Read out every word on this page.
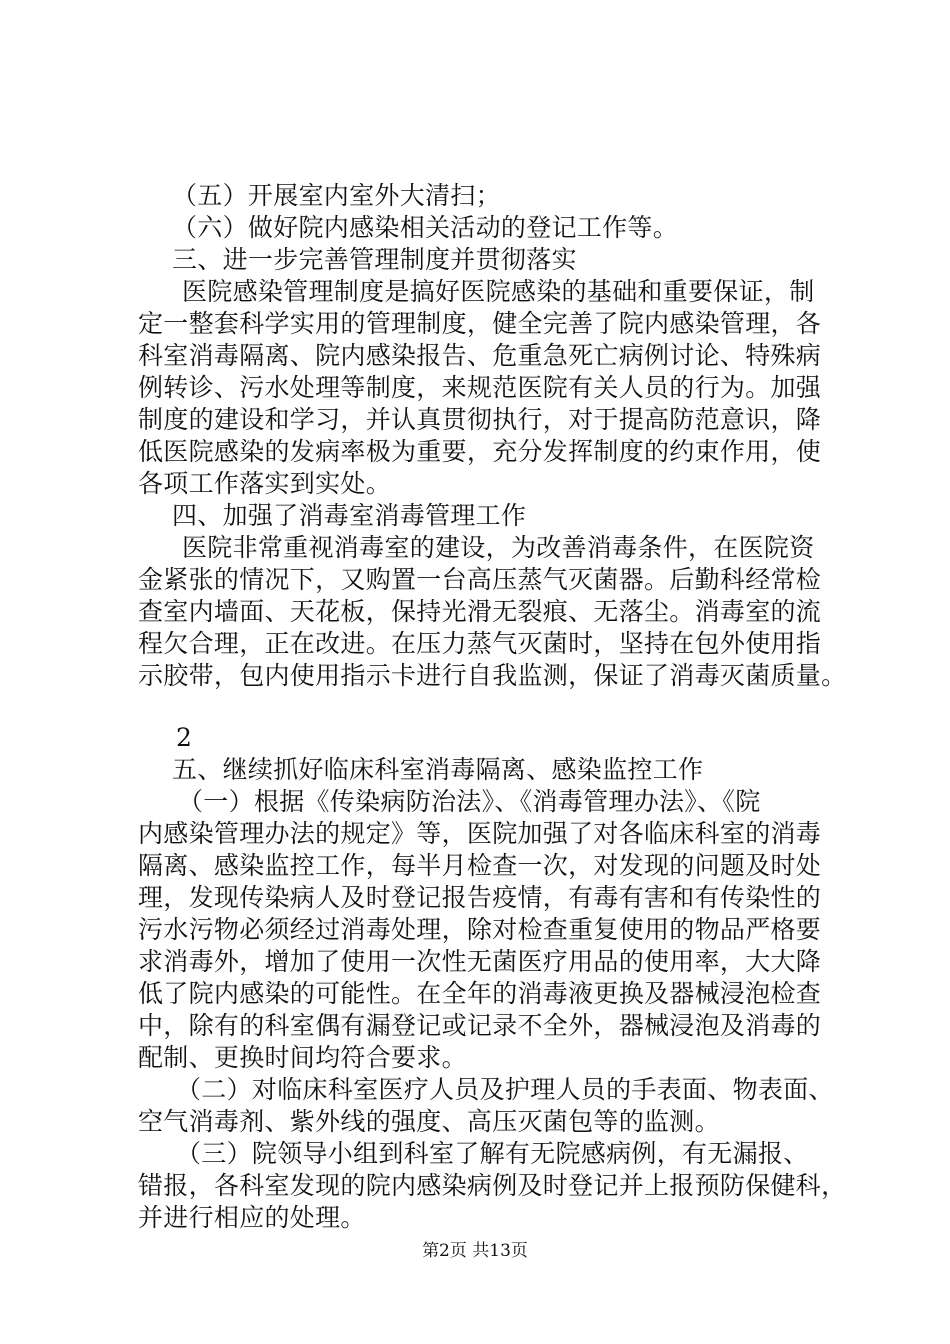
（五）开展室内室外大清扫；
（六）做好院内感染相关活动的登记工作等。
三、进一步完善管理制度并贯彻落实
医院感染管理制度是搞好医院感染的基础和重要保证，制
定一整套科学实用的管理制度，健全完善了院内感染管理，各
科室消毒隔离、院内感染报告、危重急死亡病例讨论、特殊病
例转诊、污水处理等制度，来规范医院有关人员的行为。加强
制度的建设和学习，并认真贯彻执行，对于提高防范意识，降
低医院感染的发病率极为重要，充分发挥制度的约束作用，使
各项工作落实到实处。
四、加强了消毒室消毒管理工作
医院非常重视消毒室的建设，为改善消毒条件，在医院资
金紧张的情况下，又购置一台高压蒸气灭菌器。后勤科经常检
查室内墙面、天花板，保持光滑无裂痕、无落尘。消毒室的流
程欠合理，正在改进。在压力蒸气灭菌时，坚持在包外使用指
示胶带，包内使用指示卡进行自我监测，保证了消毒灭菌质量。
2
五、继续抓好临床科室消毒隔离、感染监控工作
（一）根据《传染病防治法》、《消毒管理办法》、《院
内感染管理办法的规定》等，医院加强了对各临床科室的消毒
隔离、感染监控工作，每半月检查一次，对发现的问题及时处
理，发现传染病人及时登记报告疫情，有毒有害和有传染性的
污水污物必须经过消毒处理，除对检查重复使用的物品严格要
求消毒外，增加了使用一次性无菌医疗用品的使用率，大大降
低了院内感染的可能性。在全年的消毒液更换及器械浸泡检查
中，除有的科室偶有漏登记或记录不全外，器械浸泡及消毒的
配制、更换时间均符合要求。
（二）对临床科室医疗人员及护理人员的手表面、物表面、
空气消毒剂、紫外线的强度、高压灭菌包等的监测。
（三）院领导小组到科室了解有无院感病例，有无漏报、
错报，各科室发现的院内感染病例及时登记并上报预防保健科，
并进行相应的处理。
第2页 共13页
